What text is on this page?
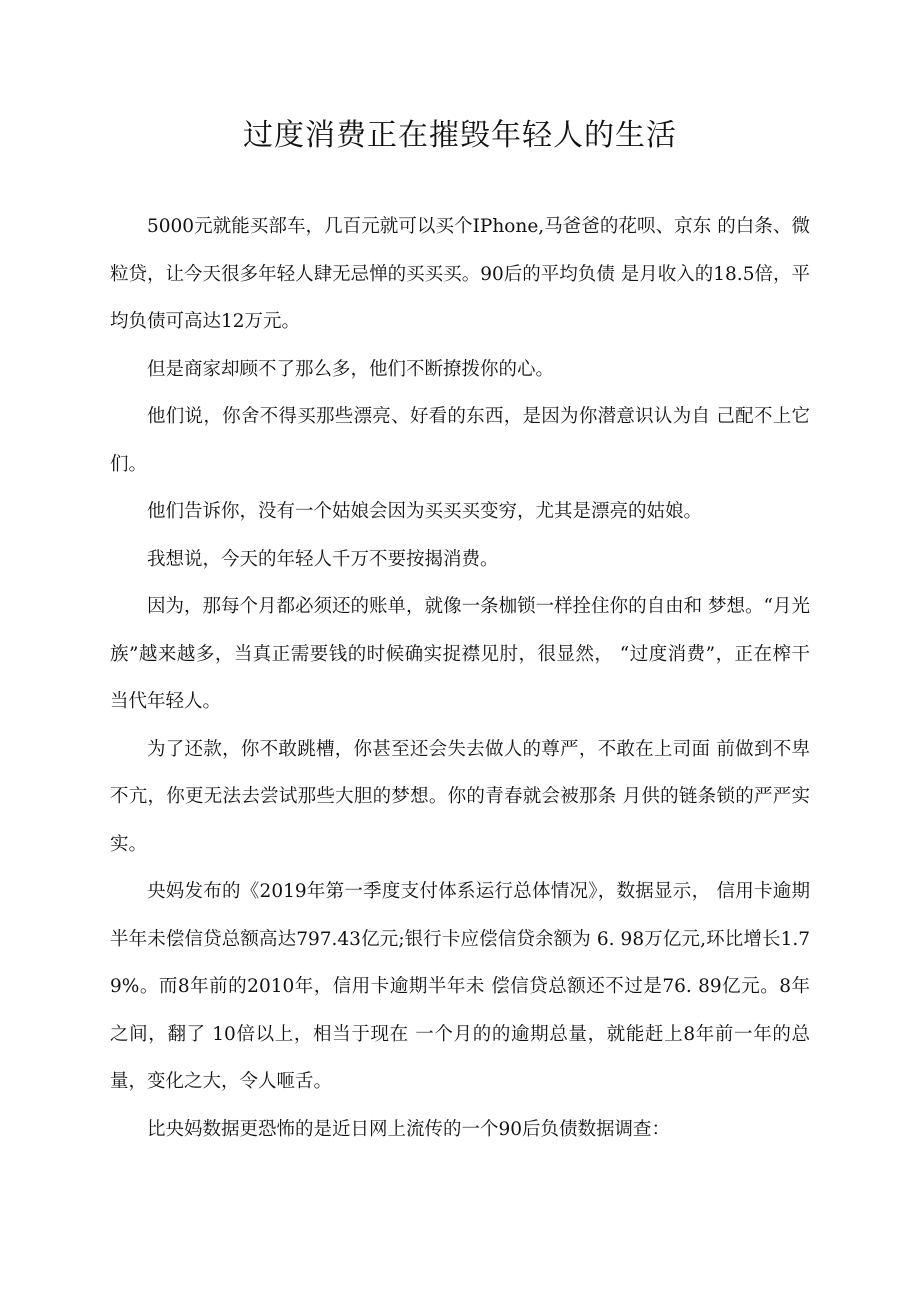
过度消费正在摧毁年轻人的生活

5000元就能买部车，几百元就可以买个IPhone,马爸爸的花呗、京东 的白条、微粒贷，让今天很多年轻人肆无忌惮的买买买。90后的平均负债 是月收入的18.5倍，平均负债可高达12万元。

但是商家却顾不了那么多，他们不断撩拨你的心。

他们说，你舍不得买那些漂亮、好看的东西，是因为你潜意识认为自 己配不上它们。

他们告诉你，没有一个姑娘会因为买买买变穷，尤其是漂亮的姑娘。

我想说，今天的年轻人千万不要按揭消费。

因为，那每个月都必须还的账单，就像一条枷锁一样拴住你的自由和 梦想。“月光族”越来越多，当真正需要钱的时候确实捉襟见肘，很显然， “过度消费”，正在榨干当代年轻人。

为了还款，你不敢跳槽，你甚至还会失去做人的尊严，不敢在上司面 前做到不卑不亢，你更无法去尝试那些大胆的梦想。你的青春就会被那条 月供的链条锁的严严实实。

央妈发布的《2019年第一季度支付体系运行总体情况》，数据显示， 信用卡逾期半年未偿信贷总额高达797.43亿元;银行卡应偿信贷余额为 6. 98万亿元,环比增长1.79%。而8年前的2010年，信用卡逾期半年未 偿信贷总额还不过是76. 89亿元。8年之间，翻了 10倍以上，相当于现在 一个月的的逾期总量，就能赶上8年前一年的总量，变化之大，令人咂舌。

比央妈数据更恐怖的是近日网上流传的一个90后负债数据调查：
